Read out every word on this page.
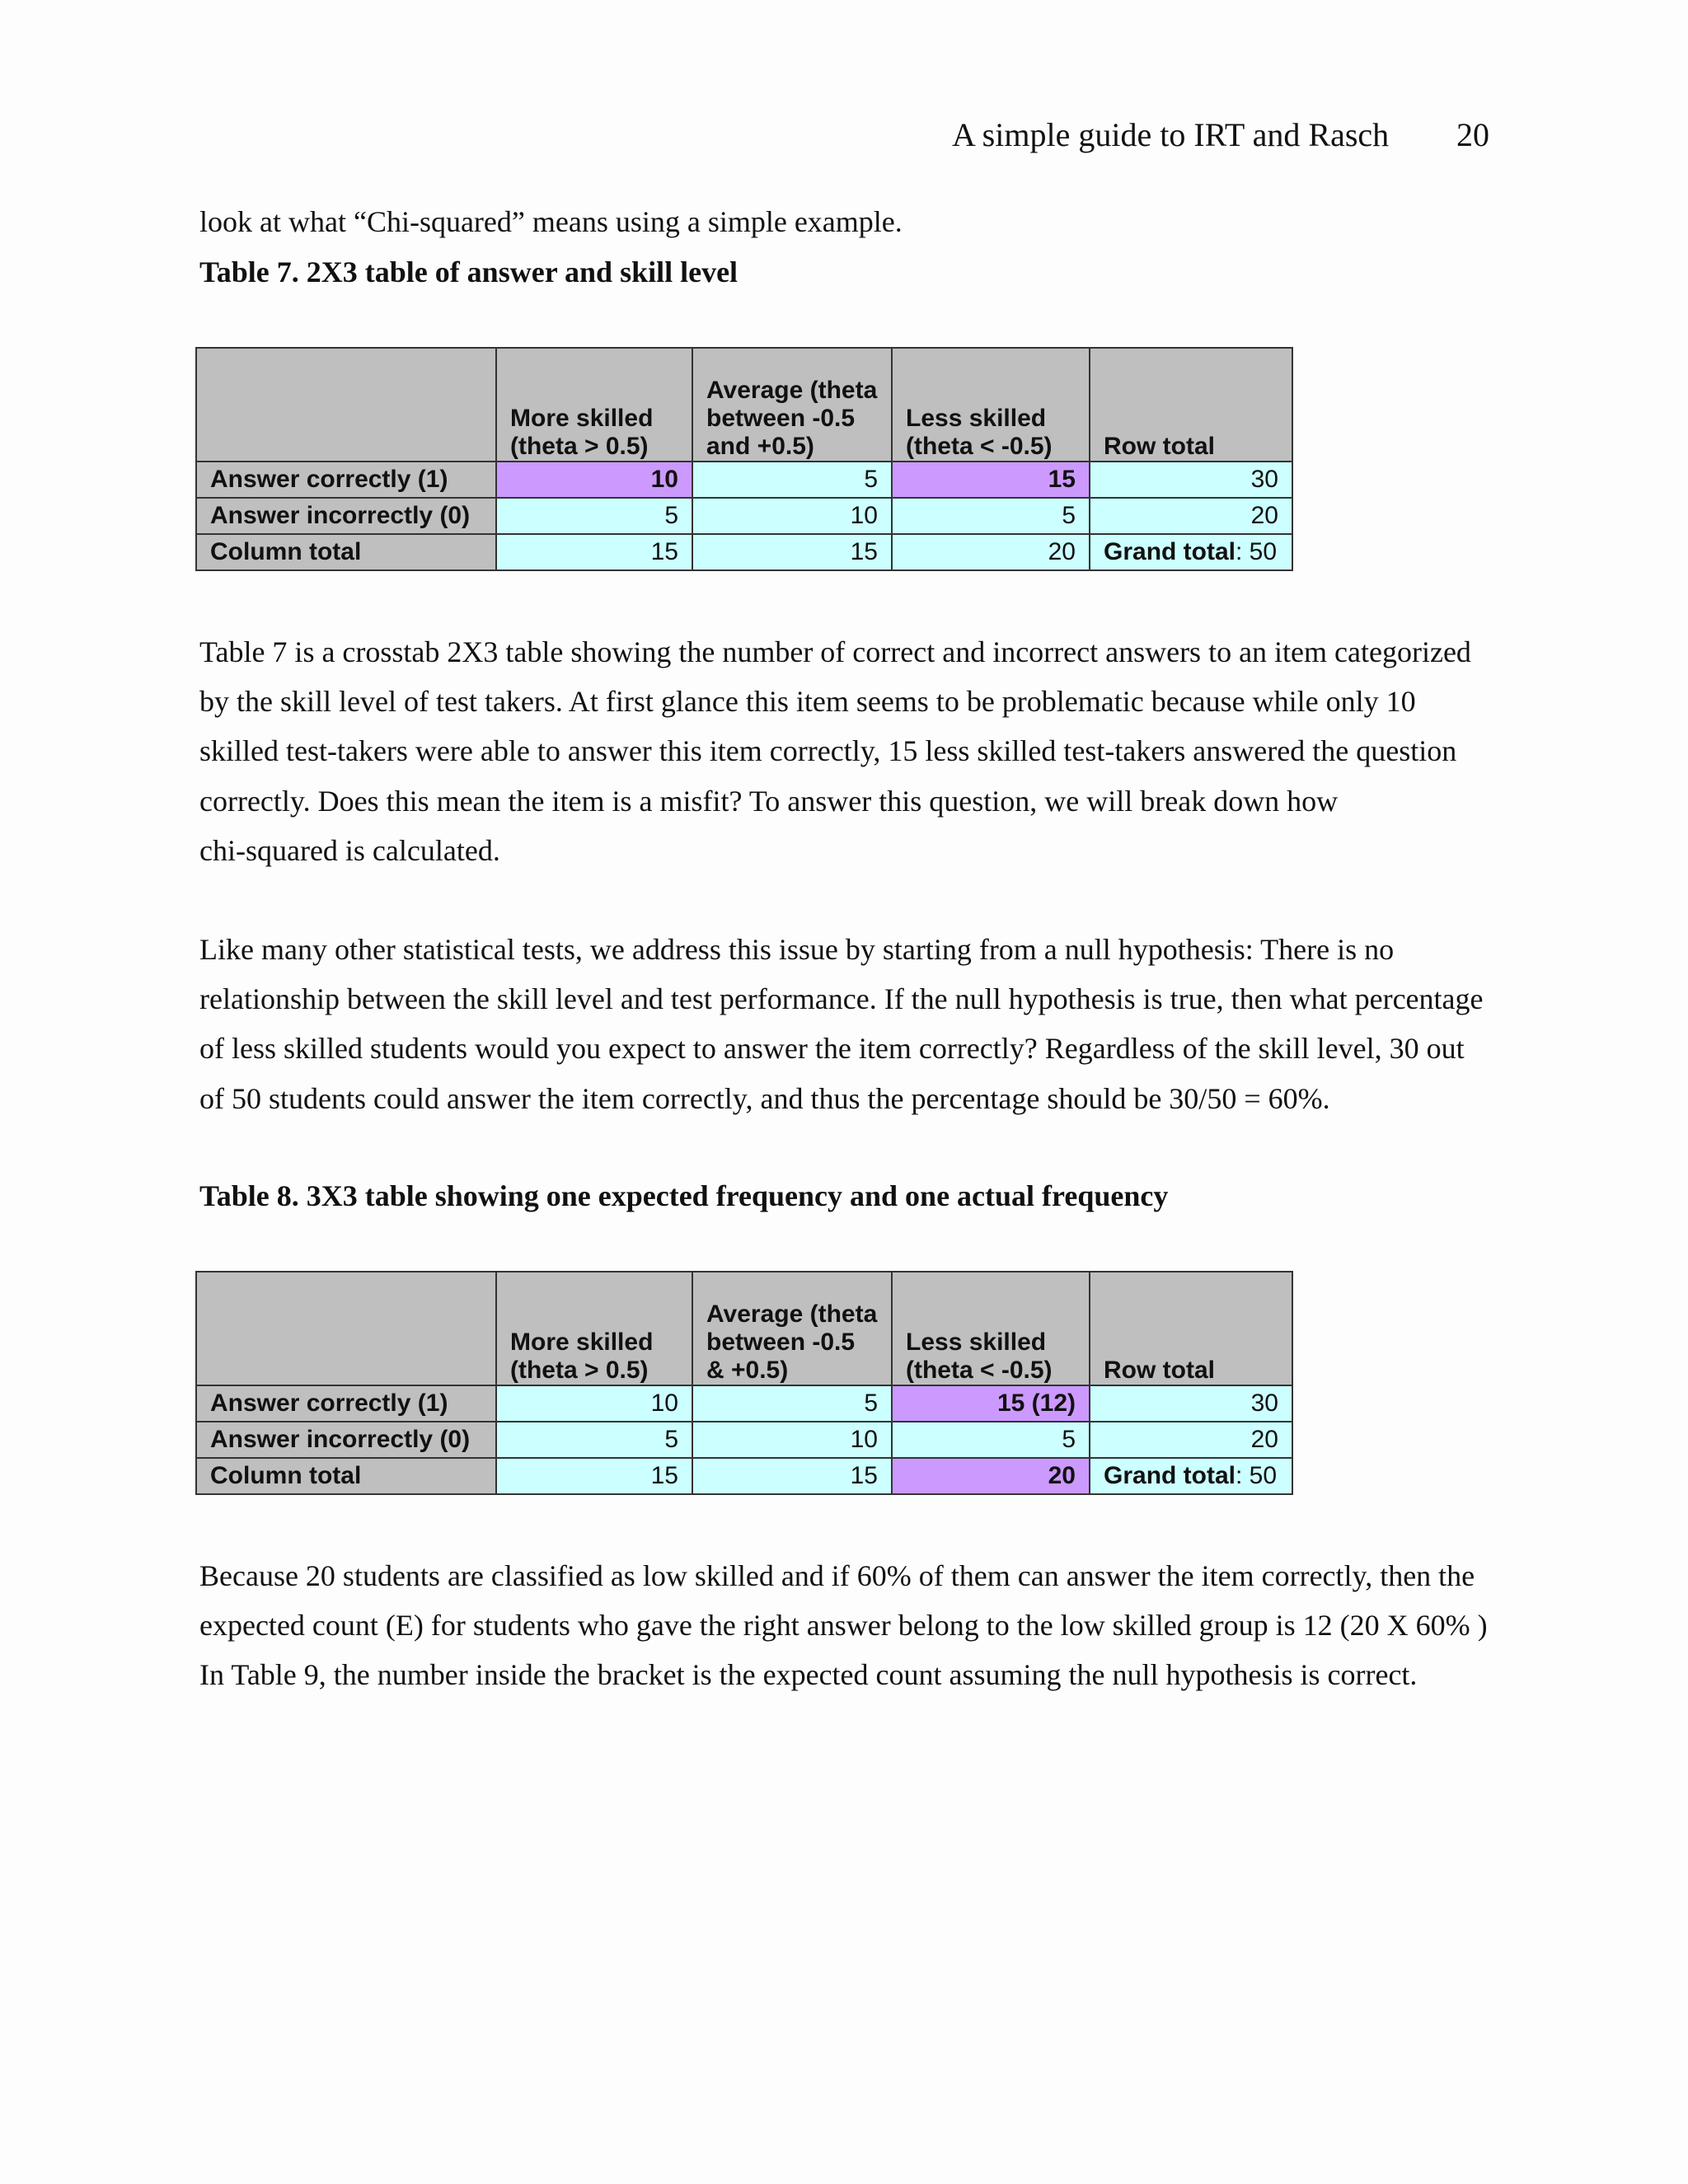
A simple guide to IRT and Rasch 20
look at what “Chi-squared” means using a simple example.
Table 7. 2X3 table of answer and skill level
	More skilled (theta > 0.5)	Average (theta between -0.5 and +0.5)	Less skilled (theta < -0.5)	Row total
Answer correctly (1)	10	5	15	30
Answer incorrectly (0)	5	10	5	20
Column total	15	15	20	Grand total: 50
Table 7 is a crosstab 2X3 table showing the number of correct and incorrect answers to an item categorized
by the skill level of test takers. At first glance this item seems to be problematic because while only 10
skilled test-takers were able to answer this item correctly, 15 less skilled test-takers answered the question
correctly. Does this mean the item is a misfit? To answer this question, we will break down how
chi-squared is calculated.
Like many other statistical tests, we address this issue by starting from a null hypothesis: There is no
relationship between the skill level and test performance. If the null hypothesis is true, then what percentage
of less skilled students would you expect to answer the item correctly? Regardless of the skill level, 30 out
of 50 students could answer the item correctly, and thus the percentage should be 30/50 = 60%.
Table 8. 3X3 table showing one expected frequency and one actual frequency
	More skilled (theta > 0.5)	Average (theta between -0.5 & +0.5)	Less skilled (theta < -0.5)	Row total
Answer correctly (1)	10	5	15 (12)	30
Answer incorrectly (0)	5	10	5	20
Column total	15	15	20	Grand total: 50
Because 20 students are classified as low skilled and if 60% of them can answer the item correctly, then the
expected count (E) for students who gave the right answer belong to the low skilled group is 12 (20 X 60% )
In Table 9, the number inside the bracket is the expected count assuming the null hypothesis is correct.
